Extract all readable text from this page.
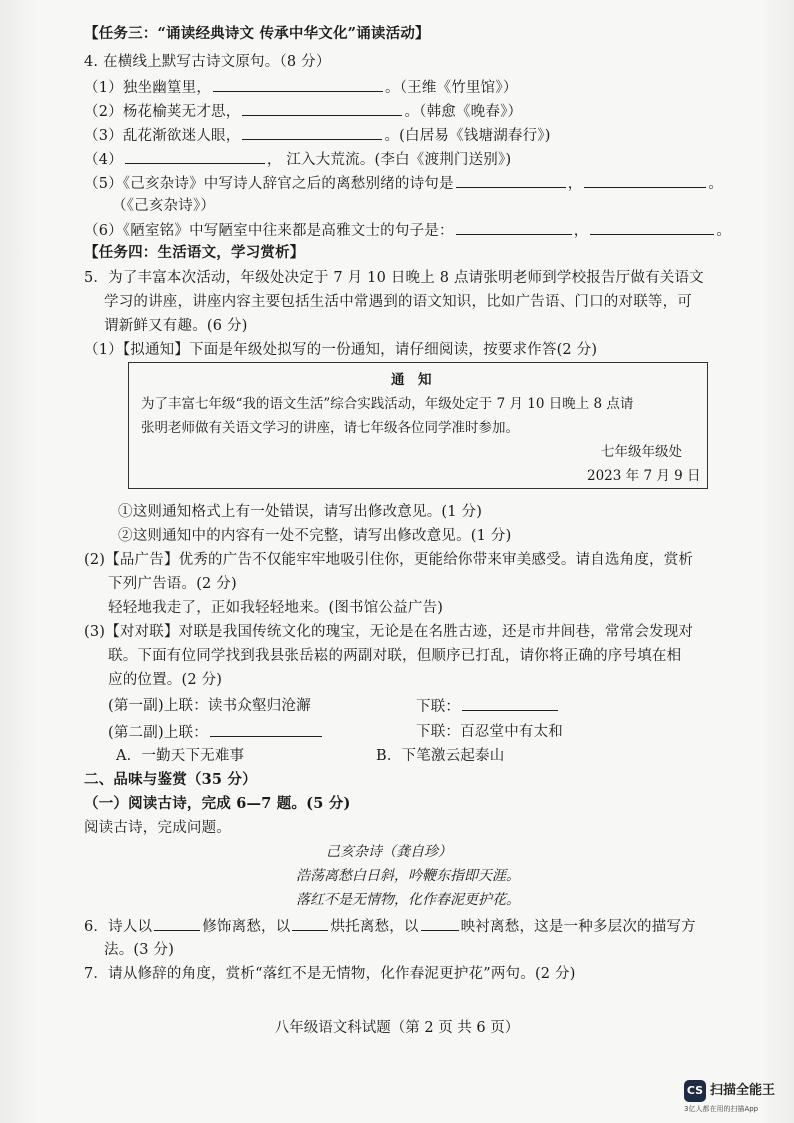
【任务三：“诵读经典诗文 传承中华文化”诵读活动】
4. 在横线上默写古诗文原句。（8 分）
（1）独坐幽篁里，	。（王维《竹里馆》）
（2）杨花榆荚无才思，	。（韩愈《晚春》）
（3）乱花渐欲迷人眼，	。(白居易《钱塘湖春行》)
（4）	， 江入大荒流。(李白《渡荆门送别》)
（5）《己亥杂诗》中写诗人辞官之后的离愁别绪的诗句是	，	。
（《己亥杂诗》）
（6）《陋室铭》中写陋室中往来都是高雅文士的句子是：	，	。
【任务四：生活语文，学习赏析】
5．为了丰富本次活动，年级处决定于 7 月 10 日晚上 8 点请张明老师到学校报告厅做有关语文
学习的讲座，讲座内容主要包括生活中常遇到的语文知识，比如广告语、门口的对联等，可
谓新鲜又有趣。(6 分)
（1）【拟通知】下面是年级处拟写的一份通知，请仔细阅读，按要求作答(2 分)
通　知
为了丰富七年级“我的语文生活”综合实践活动，年级处定于 7 月 10 日晚上 8 点请
张明老师做有关语文学习的讲座，请七年级各位同学准时参加。
七年级年级处
2023 年 7 月 9 日
①这则通知格式上有一处错误，请写出修改意见。(1 分)
②这则通知中的内容有一处不完整，请写出修改意见。(1 分)
(2)【品广告】优秀的广告不仅能牢牢地吸引住你，更能给你带来审美感受。请自选角度，赏析
下列广告语。(2 分)
轻轻地我走了，正如我轻轻地来。(图书馆公益广告)
(3)【对对联】对联是我国传统文化的瑰宝，无论是在名胜古迹，还是市井闾巷，常常会发现对
联。下面有位同学找到我县张岳崧的两副对联，但顺序已打乱，请你将正确的序号填在相
应的位置。(2 分)
(第一副)上联：读书众壑归沧澥	下联：
(第二副)上联：	下联：百忍堂中有太和
A．一勤天下无难事	B．下笔激云起泰山
二、品味与鉴赏（35 分）
（一）阅读古诗，完成 6—7 题。(5 分)
阅读古诗，完成问题。
己亥杂诗（龚自珍）
浩荡离愁白日斜，吟鞭东指即天涯。
落红不是无情物，化作春泥更护花。
6．诗人以	修饰离愁，以	烘托离愁，以	映衬离愁，这是一种多层次的描写方
法。(3 分)
7．请从修辞的角度，赏析“落红不是无情物，化作春泥更护花”两句。(2 分)
八年级语文科试题（第 2 页 共 6 页）
CS 扫描全能王
3亿人都在用的扫描App
